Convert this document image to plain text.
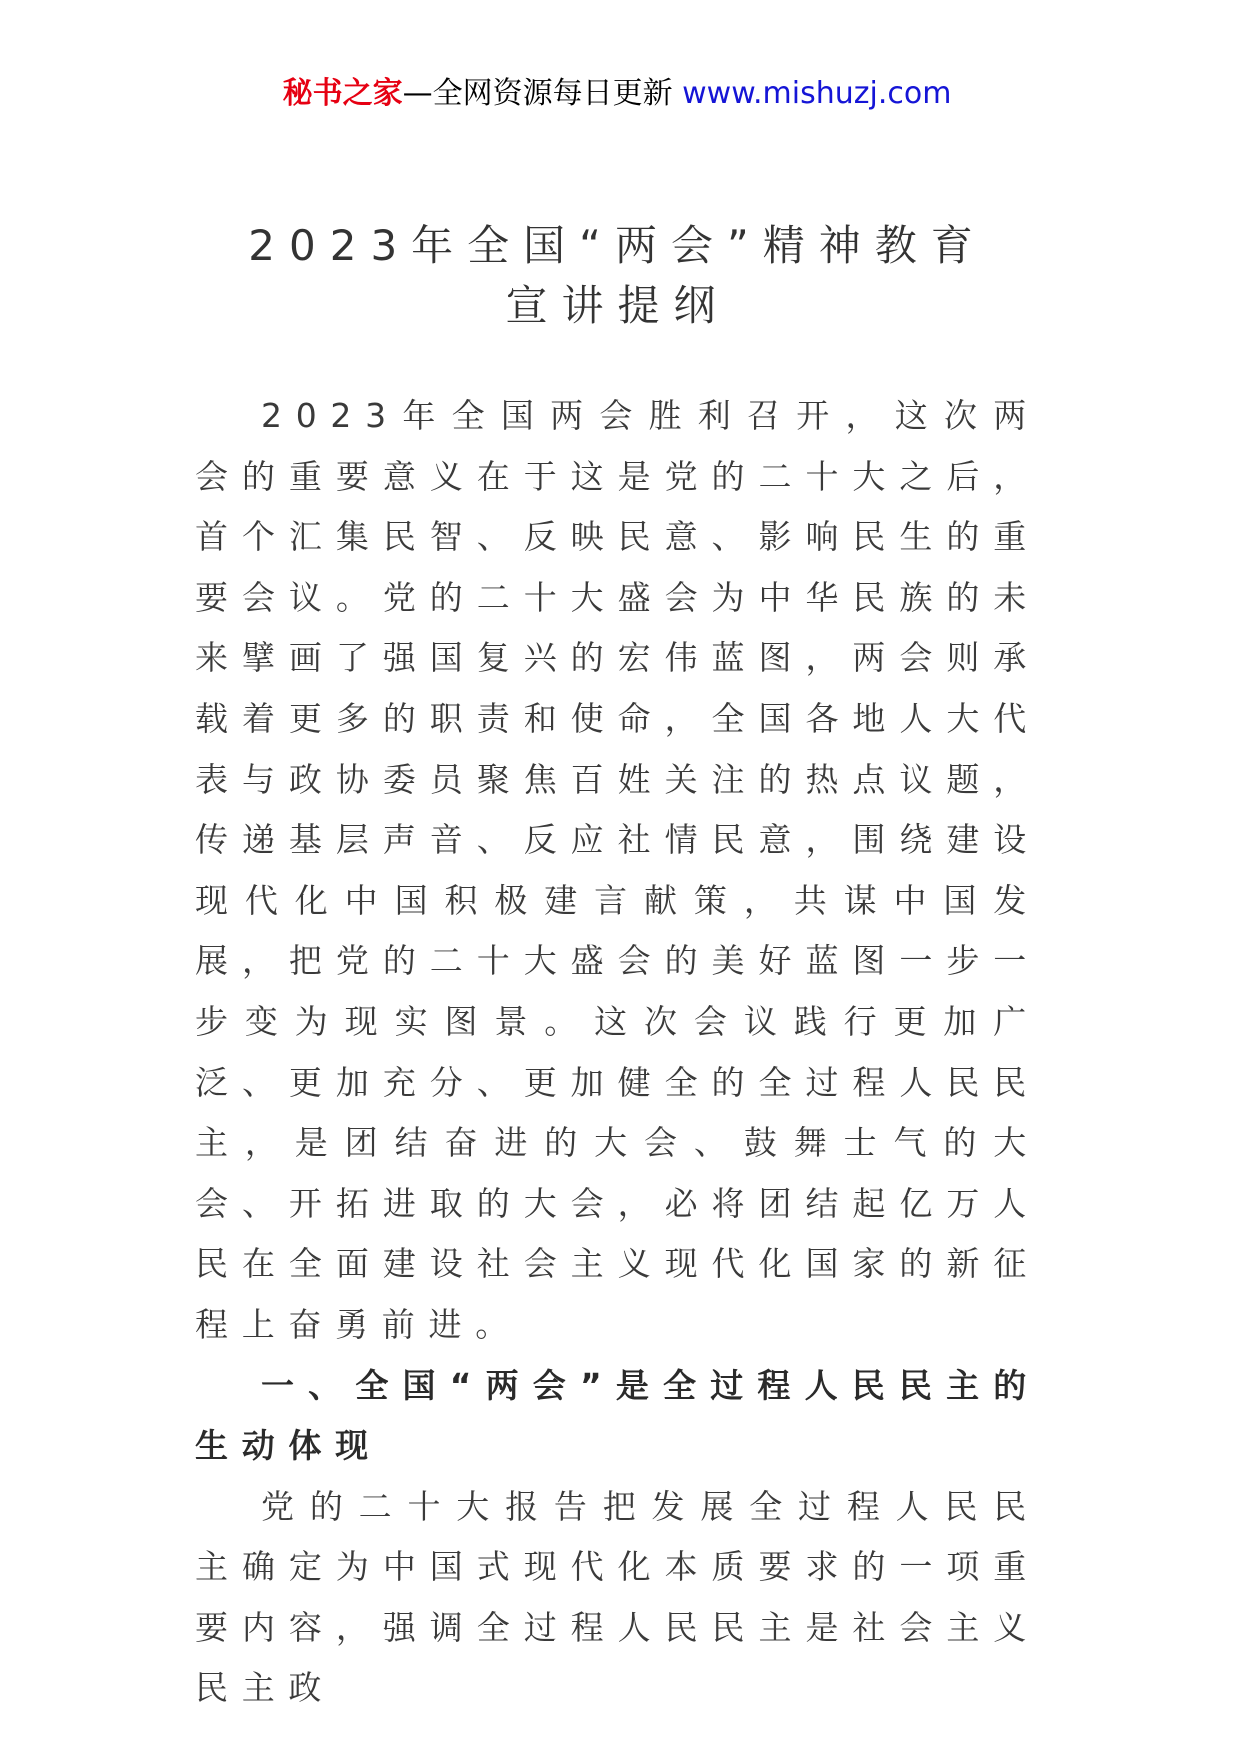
秘书之家—全网资源每日更新 www.mishuzj.com
2023年全国“两会”精神教育
宣讲提纲

2023年全国两会胜利召开，这次两会的重要意义在于这是党的二十大之后，首个汇集民智、反映民意、影响民生的重要会议。党的二十大盛会为中华民族的未来擘画了强国复兴的宏伟蓝图，两会则承载着更多的职责和使命，全国各地人大代表与政协委员聚焦百姓关注的热点议题，传递基层声音、反应社情民意，围绕建设现代化中国积极建言献策，共谋中国发展，把党的二十大盛会的美好蓝图一步一步变为现实图景。这次会议践行更加广泛、更加充分、更加健全的全过程人民民主，是团结奋进的大会、鼓舞士气的大会、开拓进取的大会，必将团结起亿万人民在全面建设社会主义现代化国家的新征程上奋勇前进。

一、全国“两会”是全过程人民民主的生动体现

党的二十大报告把发展全过程人民民主确定为中国式现代化本质要求的一项重要内容，强调全过程人民民主是社会主义民主政
